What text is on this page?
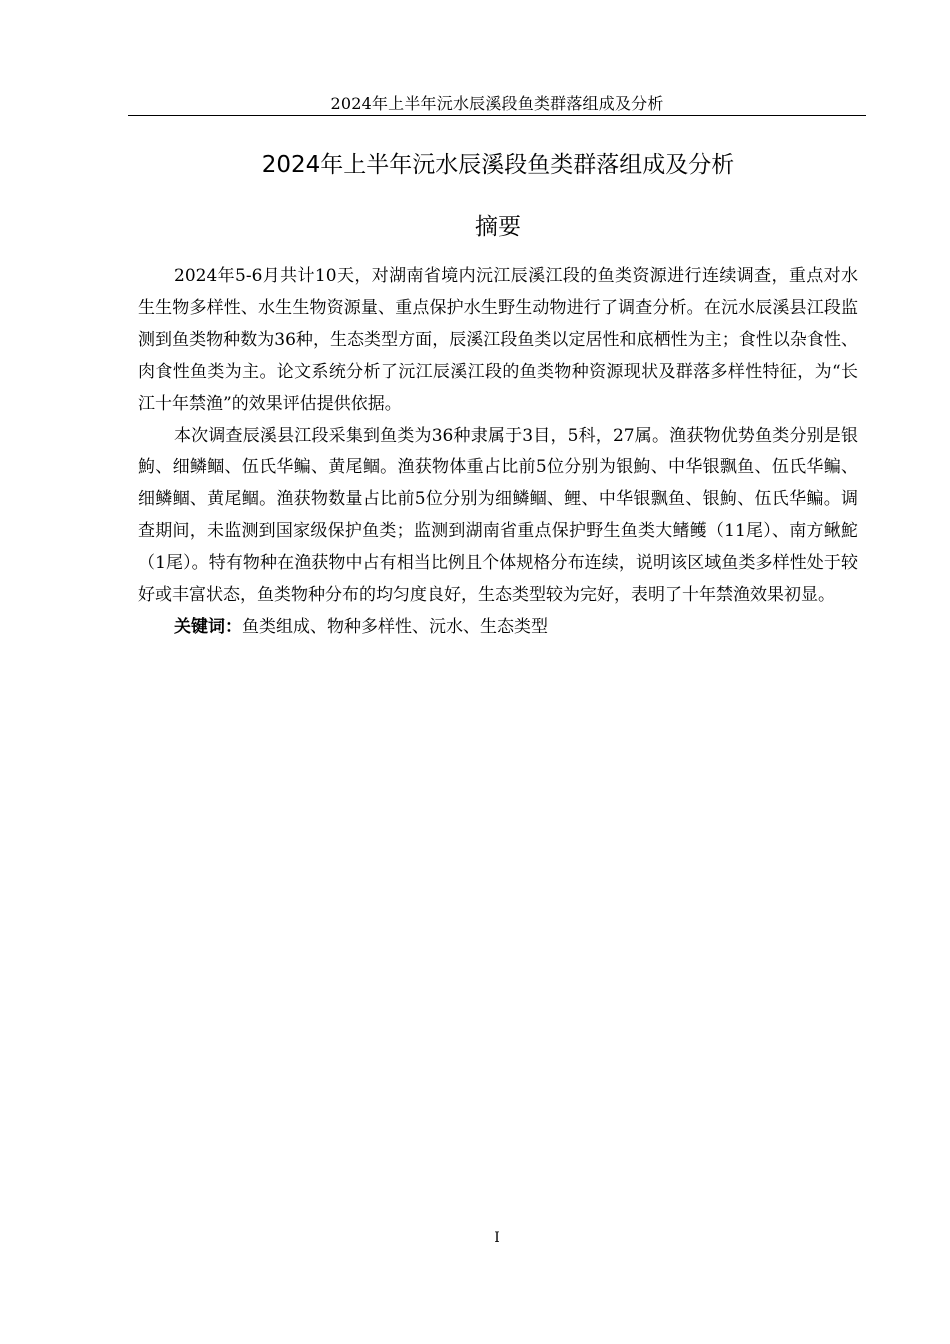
2024年上半年沅水辰溪段鱼类群落组成及分析
2024年上半年沅水辰溪段鱼类群落组成及分析
摘要

2024年5-6月共计10天，对湖南省境内沅江辰溪江段的鱼类资源进行连续调查，重点对水生生物多样性、水生生物资源量、重点保护水生野生动物进行了调查分析。在沅水辰溪县江段监测到鱼类物种数为36种，生态类型方面，辰溪江段鱼类以定居性和底栖性为主；食性以杂食性、肉食性鱼类为主。论文系统分析了沅江辰溪江段的鱼类物种资源现状及群落多样性特征，为“长江十年禁渔”的效果评估提供依据。

本次调查辰溪县江段采集到鱼类为36种隶属于3目，5科，27属。渔获物优势鱼类分别是银鮈、细鳞鲴、伍氏华鳊、黄尾鲴。渔获物体重占比前5位分别为银鮈、中华银飘鱼、伍氏华鳊、细鳞鲴、黄尾鲴。渔获物数量占比前5位分别为细鳞鲴、鲤、中华银飘鱼、银鮈、伍氏华鳊。调查期间，未监测到国家级保护鱼类；监测到湖南省重点保护野生鱼类大鳍鳠（11尾）、南方鳅鮀（1尾）。特有物种在渔获物中占有相当比例且个体规格分布连续，说明该区域鱼类多样性处于较好或丰富状态，鱼类物种分布的均匀度良好，生态类型较为完好，表明了十年禁渔效果初显。

关键词：鱼类组成、物种多样性、沅水、生态类型

I
